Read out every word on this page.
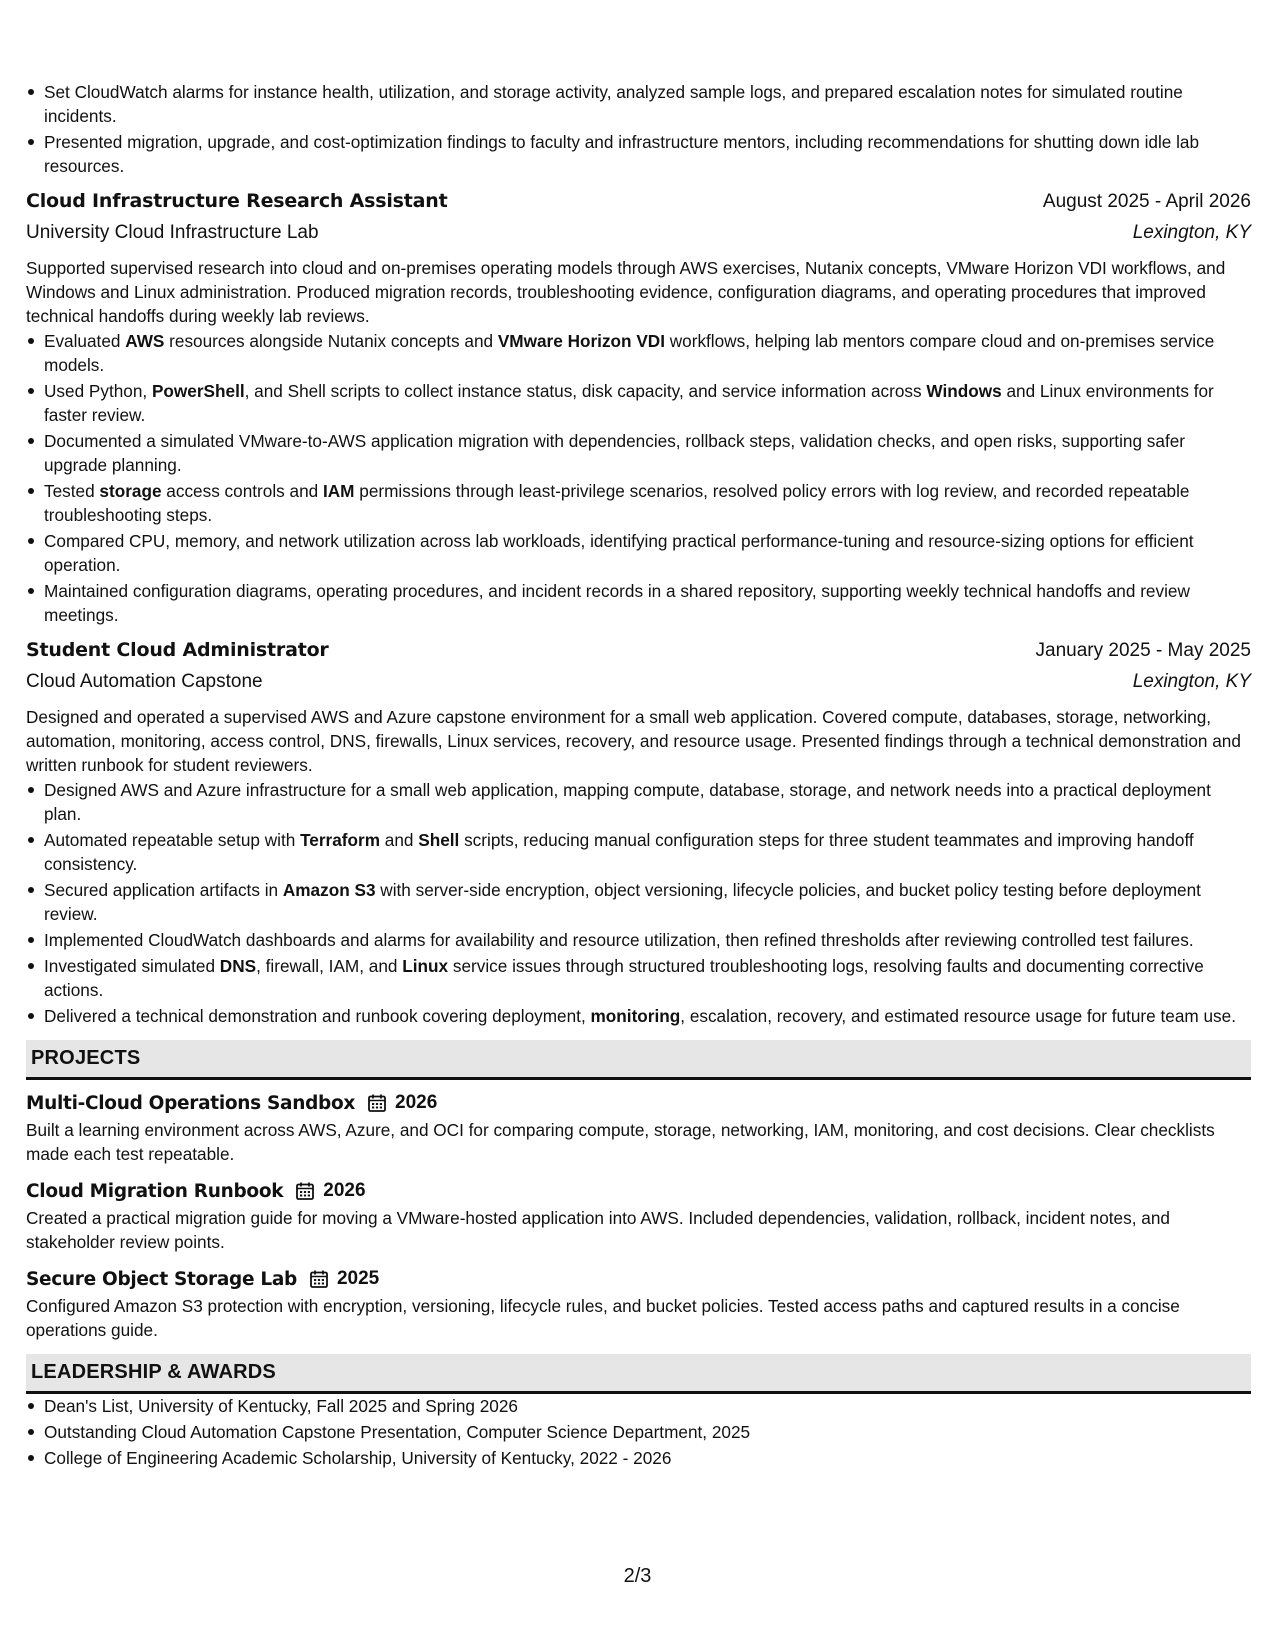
Set CloudWatch alarms for instance health, utilization, and storage activity, analyzed sample logs, and prepared escalation notes for simulated routine incidents.
Presented migration, upgrade, and cost-optimization findings to faculty and infrastructure mentors, including recommendations for shutting down idle lab resources.
Cloud Infrastructure Research Assistant	August 2025 - April 2026
University Cloud Infrastructure Lab	Lexington, KY
Supported supervised research into cloud and on-premises operating models through AWS exercises, Nutanix concepts, VMware Horizon VDI workflows, and Windows and Linux administration. Produced migration records, troubleshooting evidence, configuration diagrams, and operating procedures that improved technical handoffs during weekly lab reviews.
Evaluated AWS resources alongside Nutanix concepts and VMware Horizon VDI workflows, helping lab mentors compare cloud and on-premises service models.
Used Python, PowerShell, and Shell scripts to collect instance status, disk capacity, and service information across Windows and Linux environments for faster review.
Documented a simulated VMware-to-AWS application migration with dependencies, rollback steps, validation checks, and open risks, supporting safer upgrade planning.
Tested storage access controls and IAM permissions through least-privilege scenarios, resolved policy errors with log review, and recorded repeatable troubleshooting steps.
Compared CPU, memory, and network utilization across lab workloads, identifying practical performance-tuning and resource-sizing options for efficient operation.
Maintained configuration diagrams, operating procedures, and incident records in a shared repository, supporting weekly technical handoffs and review meetings.
Student Cloud Administrator	January 2025 - May 2025
Cloud Automation Capstone	Lexington, KY
Designed and operated a supervised AWS and Azure capstone environment for a small web application. Covered compute, databases, storage, networking, automation, monitoring, access control, DNS, firewalls, Linux services, recovery, and resource usage. Presented findings through a technical demonstration and written runbook for student reviewers.
Designed AWS and Azure infrastructure for a small web application, mapping compute, database, storage, and network needs into a practical deployment plan.
Automated repeatable setup with Terraform and Shell scripts, reducing manual configuration steps for three student teammates and improving handoff consistency.
Secured application artifacts in Amazon S3 with server-side encryption, object versioning, lifecycle policies, and bucket policy testing before deployment review.
Implemented CloudWatch dashboards and alarms for availability and resource utilization, then refined thresholds after reviewing controlled test failures.
Investigated simulated DNS, firewall, IAM, and Linux service issues through structured troubleshooting logs, resolving faults and documenting corrective actions.
Delivered a technical demonstration and runbook covering deployment, monitoring, escalation, recovery, and estimated resource usage for future team use.
PROJECTS
Multi-Cloud Operations Sandbox 2026
Built a learning environment across AWS, Azure, and OCI for comparing compute, storage, networking, IAM, monitoring, and cost decisions. Clear checklists made each test repeatable.
Cloud Migration Runbook 2026
Created a practical migration guide for moving a VMware-hosted application into AWS. Included dependencies, validation, rollback, incident notes, and stakeholder review points.
Secure Object Storage Lab 2025
Configured Amazon S3 protection with encryption, versioning, lifecycle rules, and bucket policies. Tested access paths and captured results in a concise operations guide.
LEADERSHIP & AWARDS
Dean's List, University of Kentucky, Fall 2025 and Spring 2026
Outstanding Cloud Automation Capstone Presentation, Computer Science Department, 2025
College of Engineering Academic Scholarship, University of Kentucky, 2022 - 2026
2/3
